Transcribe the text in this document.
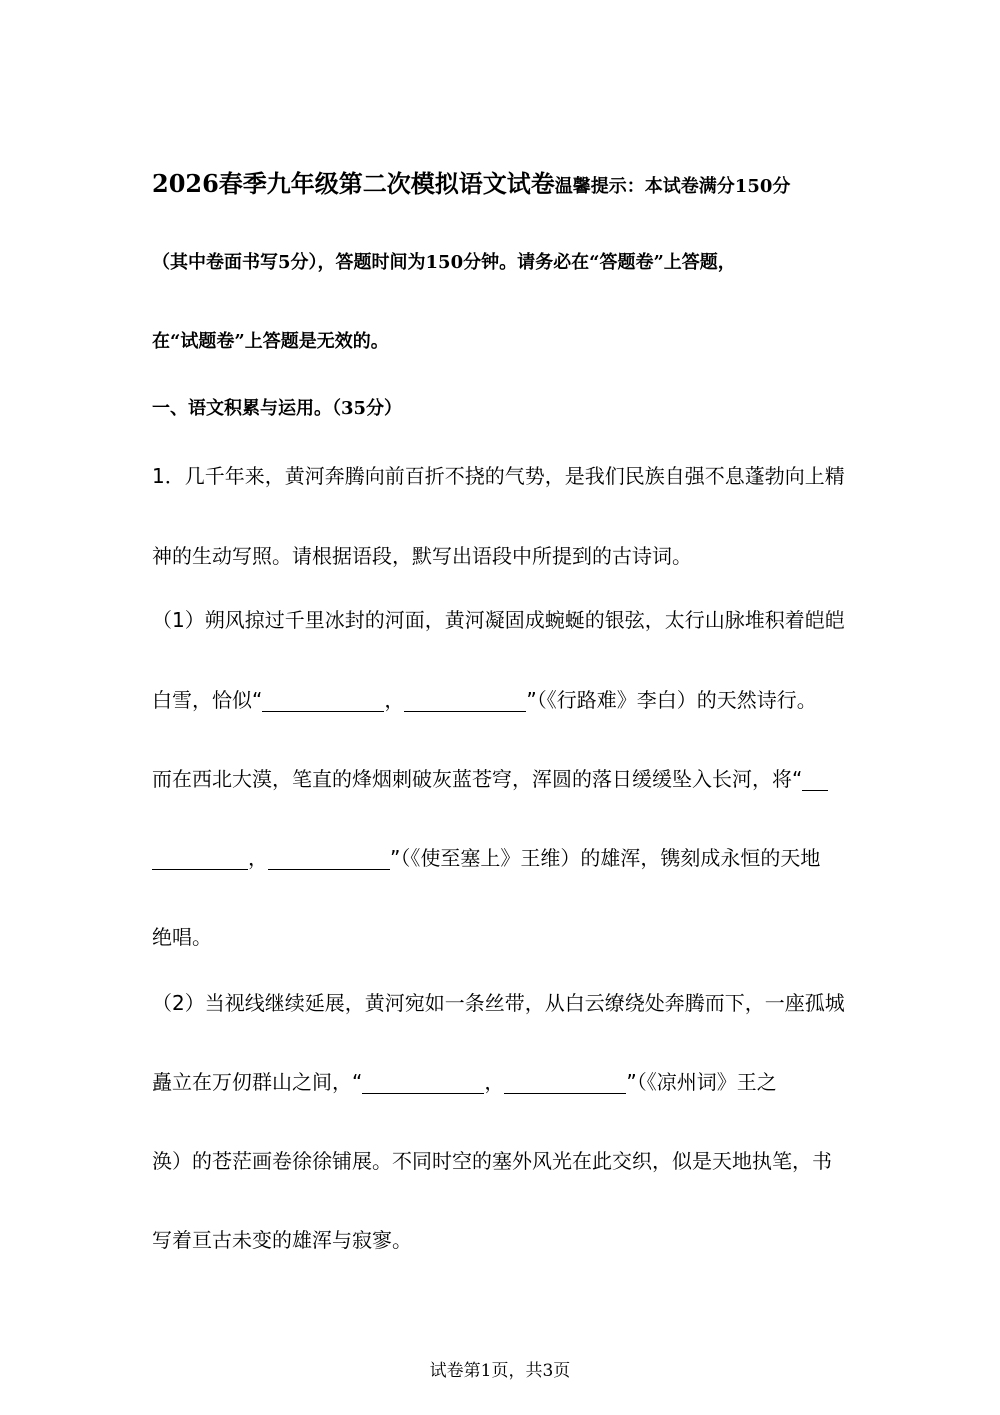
2026春季九年级第二次模拟语文试卷温馨提示：本试卷满分150分
（其中卷面书写5分），答题时间为150分钟。请务必在“答题卷”上答题，
在“试题卷”上答题是无效的。
一、语文积累与运用。（35分）
1．几千年来，黄河奔腾向前百折不挠的气势，是我们民族自强不息蓬勃向上精
神的生动写照。请根据语段，默写出语段中所提到的古诗词。
（1）朔风掠过千里冰封的河面，黄河凝固成蜿蜒的银弦，太行山脉堆积着皑皑
白雪，恰似“	，	”（《行路难》李白）的天然诗行。
而在西北大漠，笔直的烽烟刺破灰蓝苍穹，浑圆的落日缓缓坠入长河，将“
，	”（《使至塞上》王维）的雄浑，镌刻成永恒的天地
绝唱。
（2）当视线继续延展，黄河宛如一条丝带，从白云缭绕处奔腾而下，一座孤城
矗立在万仞群山之间，“	，	”（《凉州词》王之
涣）的苍茫画卷徐徐铺展。不同时空的塞外风光在此交织，似是天地执笔，书
写着亘古未变的雄浑与寂寥。
试卷第1页，共3页
